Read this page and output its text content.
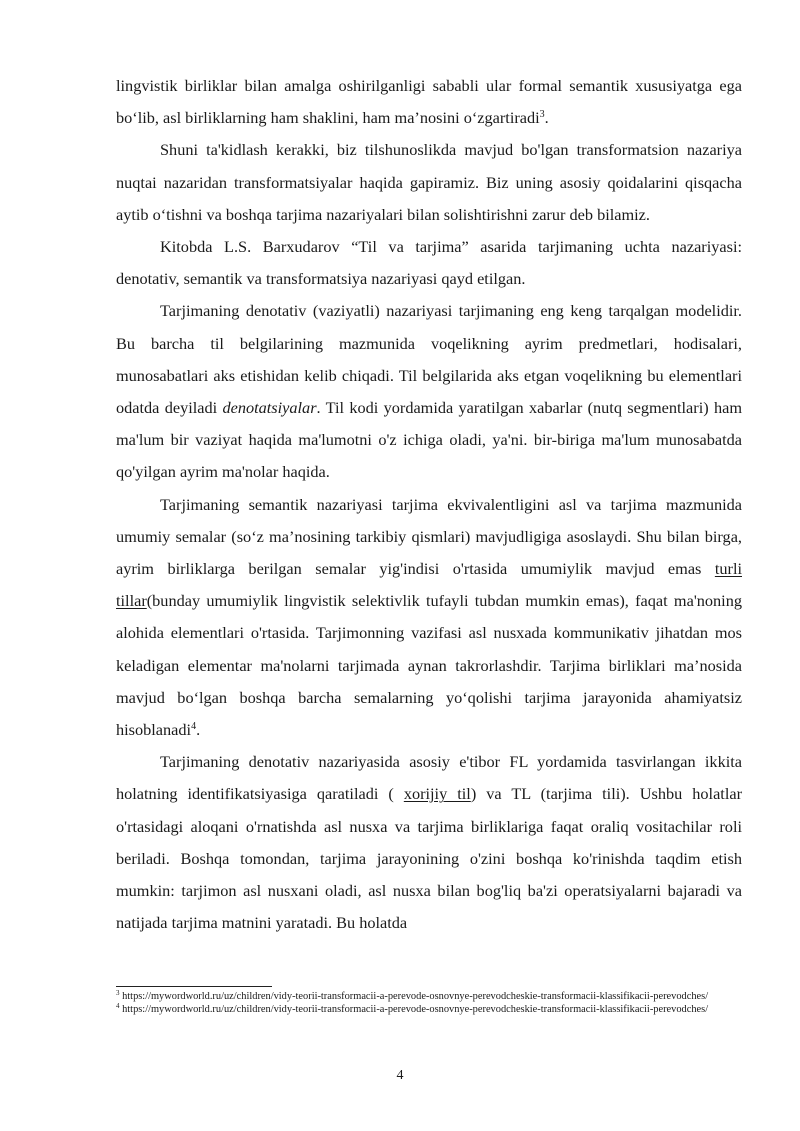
lingvistik birliklar bilan amalga oshirilganligi sababli ular formal semantik xususiyatga ega bo‘lib, asl birliklarning ham shaklini, ham ma’nosini o‘zgartiradi$^3$.

Shuni ta'kidlash kerakki, biz tilshunoslikda mavjud bo'lgan transformatsion nazariya nuqtai nazaridan transformatsiyalar haqida gapiramiz. Biz uning asosiy qoidalarini qisqacha aytib o‘tishni va boshqa tarjima nazariyalari bilan solishtirishni zarur deb bilamiz.

Kitobda L.S. Barxudarov “Til va tarjima” asarida tarjimaning uchta nazariyasi: denotativ, semantik va transformatsiya nazariyasi qayd etilgan.

Tarjimaning denotativ (vaziyatli) nazariyasi tarjimaning eng keng tarqalgan modelidir. Bu barcha til belgilarining mazmunida voqelikning ayrim predmetlari, hodisalari, munosabatlari aks etishidan kelib chiqadi. Til belgilarida aks etgan voqelikning bu elementlari odatda deyiladi denotatsiyalar. Til kodi yordamida yaratilgan xabarlar (nutq segmentlari) ham ma'lum bir vaziyat haqida ma'lumotni o'z ichiga oladi, ya'ni. bir-biriga ma'lum munosabatda qo'yilgan ayrim ma'nolar haqida.

Tarjimaning semantik nazariyasi tarjima ekvivalentligini asl va tarjima mazmunida umumiy semalar (so‘z ma’nosining tarkibiy qismlari) mavjudligiga asoslaydi. Shu bilan birga, ayrim birliklarga berilgan semalar yig'indisi o'rtasida umumiylik mavjud emas turli tillar(bunday umumiylik lingvistik selektivlik tufayli tubdan mumkin emas), faqat ma'noning alohida elementlari o'rtasida. Tarjimonning vazifasi asl nusxada kommunikativ jihatdan mos keladigan elementar ma'nolarni tarjimada aynan takrorlashdir. Tarjima birliklari ma’nosida mavjud bo‘lgan boshqa barcha semalarning yo‘qolishi tarjima jarayonida ahamiyatsiz hisoblanadi$^4$.

Tarjimaning denotativ nazariyasida asosiy e'tibor FL yordamida tasvirlangan ikkita holatning identifikatsiyasiga qaratiladi ( xorijiy til) va TL (tarjima tili). Ushbu holatlar o'rtasidagi aloqani o'rnatishda asl nusxa va tarjima birliklariga faqat oraliq vositachilar roli beriladi. Boshqa tomondan, tarjima jarayonining o'zini boshqa ko'rinishda taqdim etish mumkin: tarjimon asl nusxani oladi, asl nusxa bilan bog'liq ba'zi operatsiyalarni bajaradi va natijada tarjima matnini yaratadi. Bu holatda

$^3$ https://mywordworld.ru/uz/children/vidy-teorii-transformacii-a-perevode-osnovnye-perevodcheskie-transformacii-klassifikacii-perevodches/

$^4$ https://mywordworld.ru/uz/children/vidy-teorii-transformacii-a-perevode-osnovnye-perevodcheskie-transformacii-klassifikacii-perevodches/

4
